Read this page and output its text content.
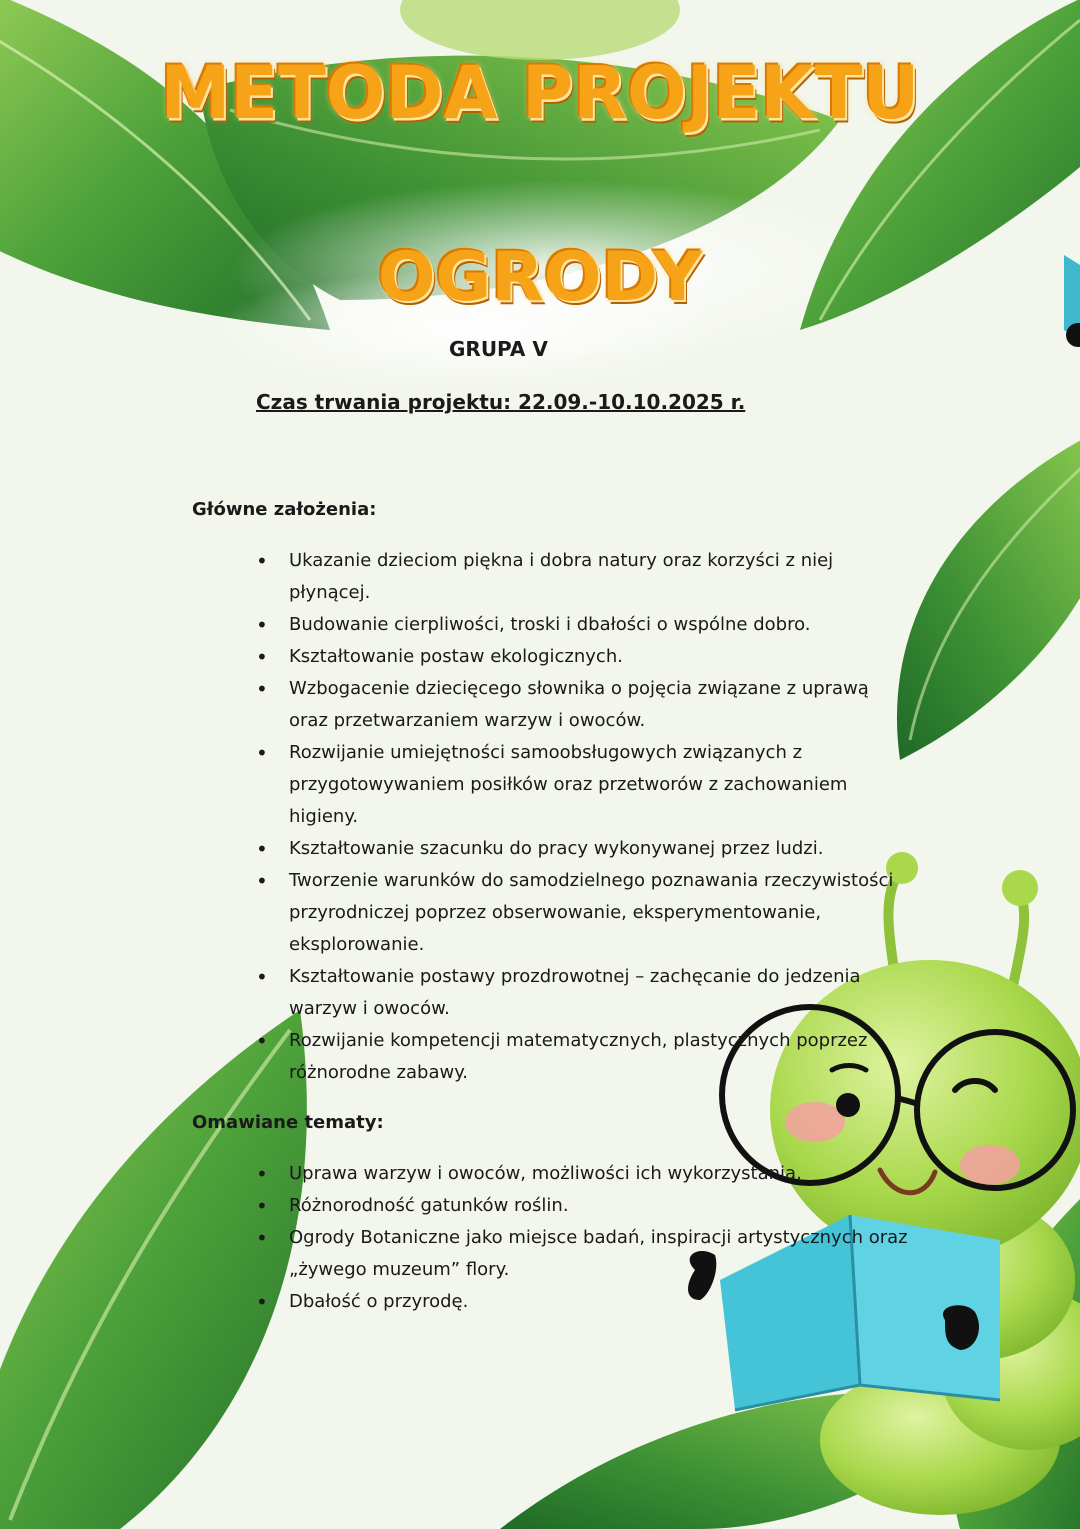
METODA PROJEKTU
OGRODY
GRUPA V
Czas trwania projektu: 22.09.-10.10.2025 r.
Główne założenia:
• Ukazanie dzieciom piękna i dobra natury oraz korzyści z niej płynącej.
• Budowanie cierpliwości, troski i dbałości o wspólne dobro.
• Kształtowanie postaw ekologicznych.
• Wzbogacenie dziecięcego słownika o pojęcia związane z uprawą oraz przetwarzaniem warzyw i owoców.
• Rozwijanie umiejętności samoobsługowych związanych z przygotowywaniem posiłków oraz przetworów z zachowaniem higieny.
• Kształtowanie szacunku do pracy wykonywanej przez ludzi.
• Tworzenie warunków do samodzielnego poznawania rzeczywistości przyrodniczej poprzez obserwowanie, eksperymentowanie, eksplorowanie.
• Kształtowanie postawy prozdrowotnej – zachęcanie do jedzenia warzyw i owoców.
• Rozwijanie kompetencji matematycznych, plastycznych poprzez różnorodne zabawy.
Omawiane tematy:
• Uprawa warzyw i owoców, możliwości ich wykorzystania.
• Różnorodność gatunków roślin.
• Ogrody Botaniczne jako miejsce badań, inspiracji artystycznych oraz „żywego muzeum” flory.
• Dbałość o przyrodę.
